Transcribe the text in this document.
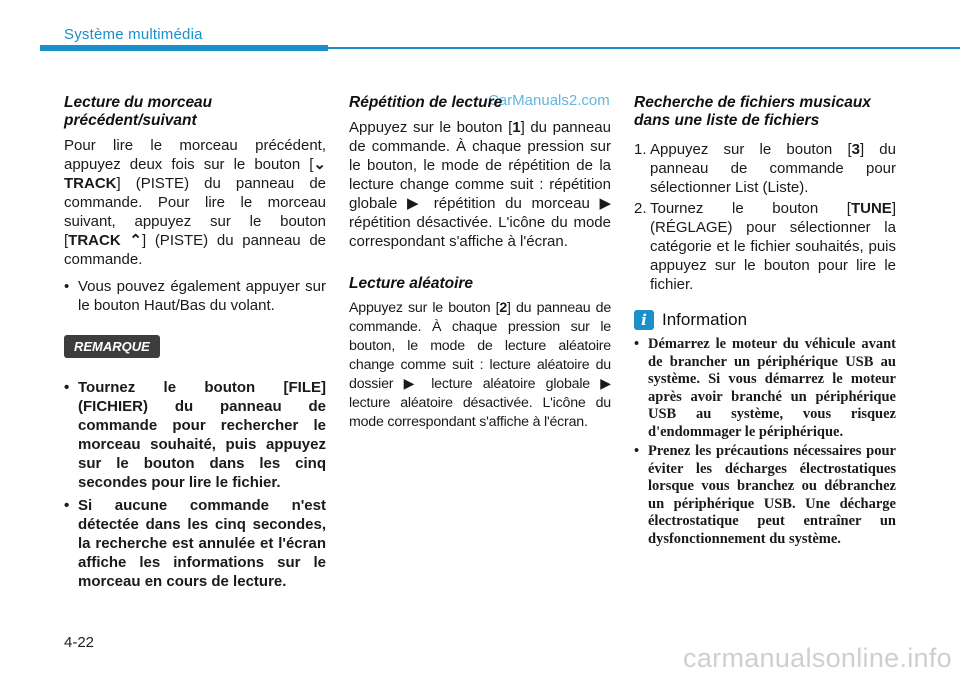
Système multimédia
CarManuals2.com
Lecture du morceau précédent/suivant

Pour lire le morceau précédent, appuyez deux fois sur le bouton [⌄ TRACK] (PISTE) du panneau de commande. Pour lire le morceau suivant, appuyez sur le bouton [TRACK ⌃] (PISTE) du panneau de commande.

• Vous pouvez également appuyer sur le bouton Haut/Bas du volant.
REMARQUE
• Tournez le bouton [FILE] (FICHIER) du panneau de commande pour rechercher le morceau souhaité, puis appuyez sur le bouton dans les cinq secondes pour lire le fichier.
• Si aucune commande n'est détectée dans les cinq secondes, la recherche est annulée et l'écran affiche les informations sur le morceau en cours de lecture.
Répétition de lecture

Appuyez sur le bouton [1] du panneau de commande. À chaque pression sur le bouton, le mode de répétition de la lecture change comme suit : répétition globale ▶ répétition du morceau ▶ répétition désactivée. L'icône du mode correspondant s'affiche à l'écran.

Lecture aléatoire

Appuyez sur le bouton [2] du panneau de commande. À chaque pression sur le bouton, le mode de lecture aléatoire change comme suit : lecture aléatoire du dossier ▶ lecture aléatoire globale ▶ lecture aléatoire désactivée. L'icône du mode correspondant s'affiche à l'écran.

Recherche de fichiers musicaux dans une liste de fichiers
1. Appuyez sur le bouton [3] du panneau de commande pour sélectionner List (Liste).
2. Tournez le bouton [TUNE] (RÉGLAGE) pour sélectionner la catégorie et le fichier souhaités, puis appuyez sur le bouton pour lire le fichier.
i Information
• Démarrez le moteur du véhicule avant de brancher un périphérique USB au système. Si vous démarrez le moteur après avoir branché un périphérique USB au système, vous risquez d'endommager le périphérique.
• Prenez les précautions nécessaires pour éviter les décharges électrostatiques lorsque vous branchez ou débranchez un périphérique USB. Une décharge électrostatique peut entraîner un dysfonctionnement du système.
4-22
carmanualsonline.info
